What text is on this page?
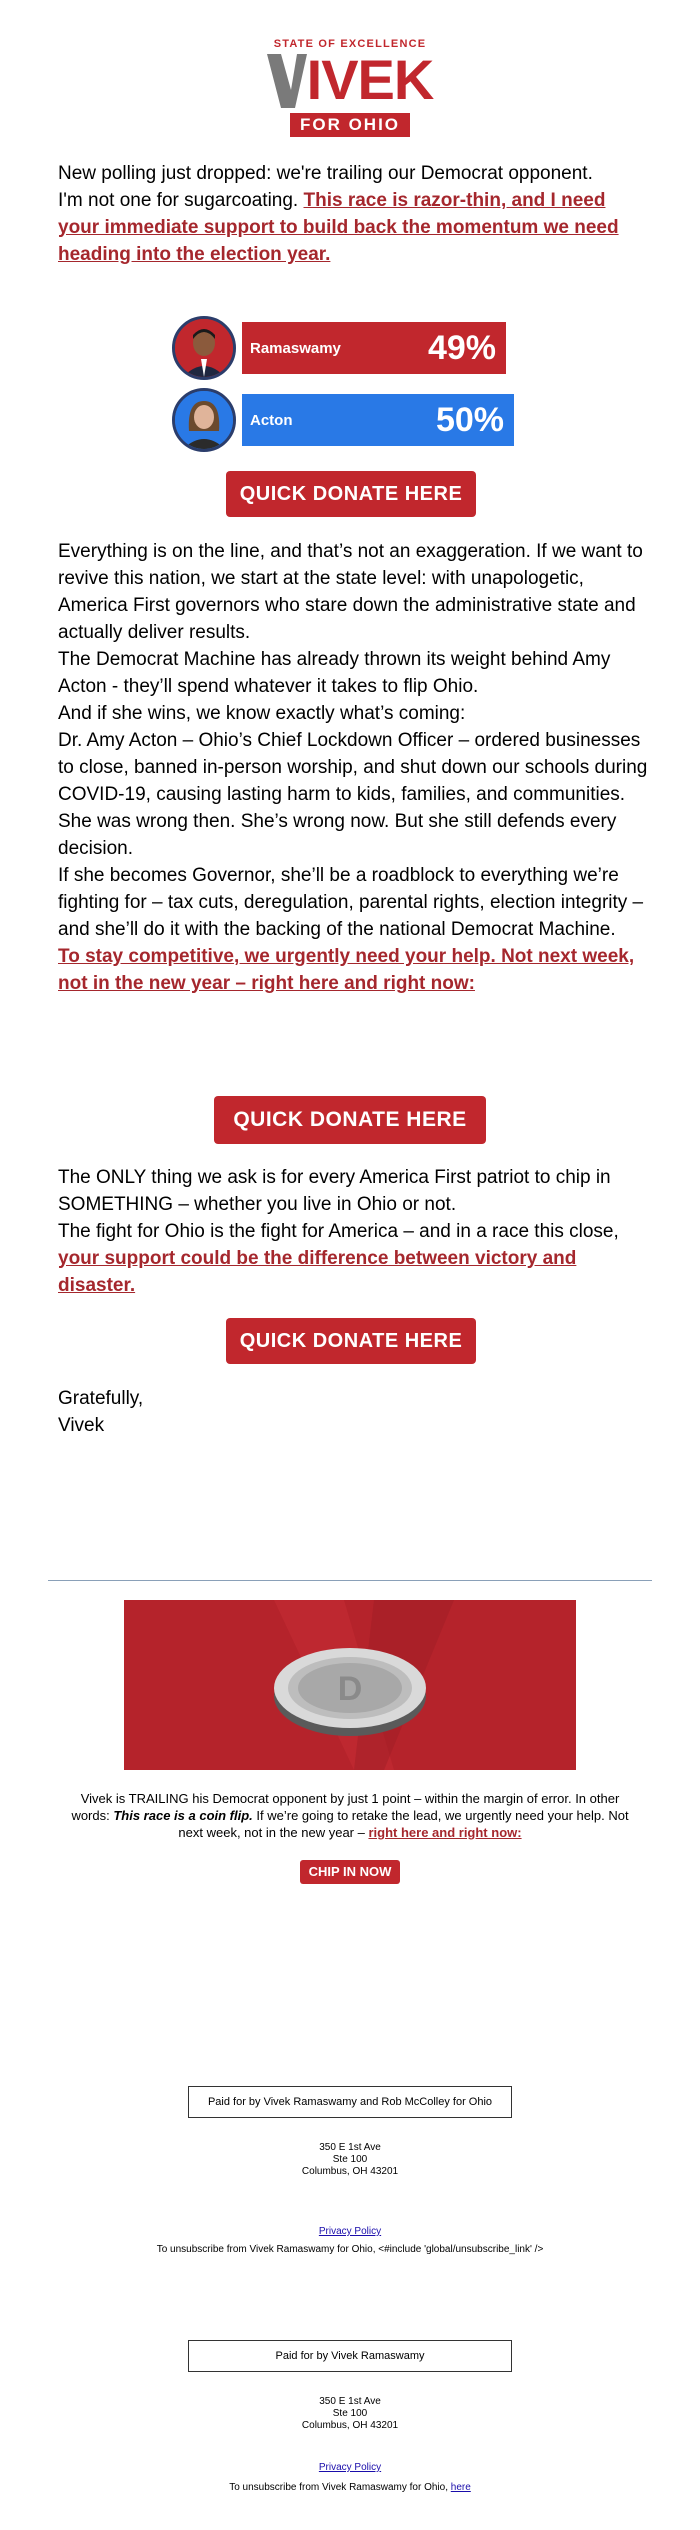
STATE OF EXCELLENCE
IVEK
FOR OHIO

New polling just dropped: we're trailing our Democrat opponent.

I'm not one for sugarcoating. This race is razor-thin, and I need your immediate support to build back the momentum we need heading into the election year.

Ramaswamy	49%
Acton	50%
QUICK DONATE HERE

Everything is on the line, and that’s not an exaggeration. If we want to revive this nation, we start at the state level: with unapologetic, America First governors who stare down the administrative state and actually deliver results.

The Democrat Machine has already thrown its weight behind Amy Acton - they’ll spend whatever it takes to flip Ohio.

And if she wins, we know exactly what’s coming:

Dr. Amy Acton – Ohio’s Chief Lockdown Officer – ordered businesses to close, banned in-person worship, and shut down our schools during COVID-19, causing lasting harm to kids, families, and communities.

She was wrong then. She’s wrong now. But she still defends every decision.

If she becomes Governor, she’ll be a roadblock to everything we’re fighting for – tax cuts, deregulation, parental rights, election integrity – and she’ll do it with the backing of the national Democrat Machine.

To stay competitive, we urgently need your help. Not next week, not in the new year – right here and right now:

QUICK DONATE HERE

The ONLY thing we ask is for every America First patriot to chip in SOMETHING – whether you live in Ohio or not.

The fight for Ohio is the fight for America – and in a race this close, your support could be the difference between victory and disaster.

QUICK DONATE HERE

Gratefully,

Vivek

D
Vivek is TRAILING his Democrat opponent by just 1 point – within the margin of error. In other words: This race is a coin flip. If we’re going to retake the lead, we urgently need your help. Not next week, not in the new year – right here and right now:
CHIP IN NOW
Paid for by Vivek Ramaswamy and Rob McColley for Ohio
350 E 1st Ave
Ste 100
Columbus, OH 43201
Privacy Policy
To unsubscribe from Vivek Ramaswamy for Ohio, <#include 'global/unsubscribe_link' />
Paid for by Vivek Ramaswamy
350 E 1st Ave
Ste 100
Columbus, OH 43201
Privacy Policy
To unsubscribe from Vivek Ramaswamy for Ohio, here
